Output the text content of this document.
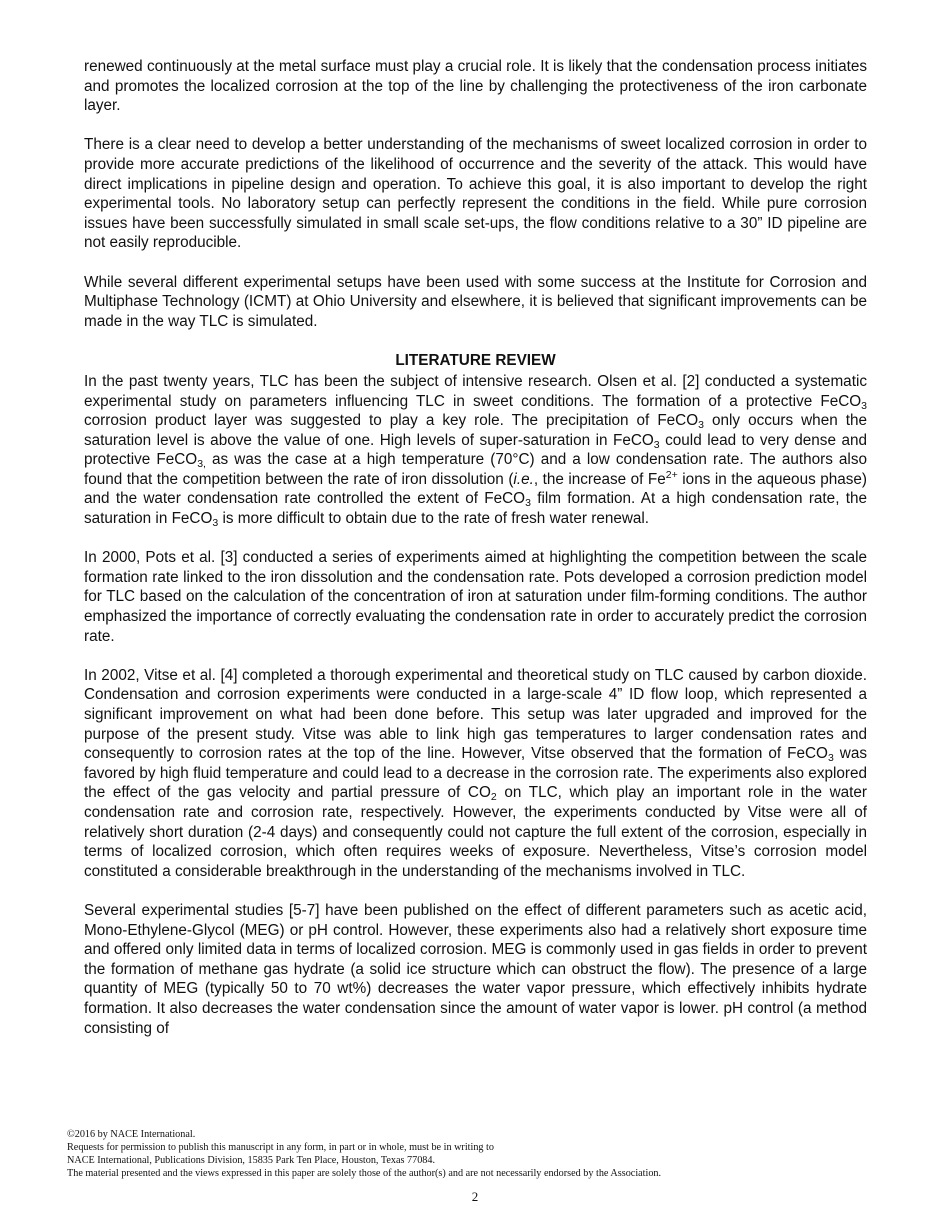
renewed continuously at the metal surface must play a crucial role. It is likely that the condensation process initiates and promotes the localized corrosion at the top of the line by challenging the protectiveness of the iron carbonate layer.

There is a clear need to develop a better understanding of the mechanisms of sweet localized corrosion in order to provide more accurate predictions of the likelihood of occurrence and the severity of the attack. This would have direct implications in pipeline design and operation. To achieve this goal, it is also important to develop the right experimental tools. No laboratory setup can perfectly represent the conditions in the field. While pure corrosion issues have been successfully simulated in small scale set-ups, the flow conditions relative to a 30” ID pipeline are not easily reproducible.

While several different experimental setups have been used with some success at the Institute for Corrosion and Multiphase Technology (ICMT) at Ohio University and elsewhere, it is believed that significant improvements can be made in the way TLC is simulated.

LITERATURE REVIEW

In the past twenty years, TLC has been the subject of intensive research. Olsen et al. [2] conducted a systematic experimental study on parameters influencing TLC in sweet conditions. The formation of a protective FeCO$_3$ corrosion product layer was suggested to play a key role. The precipitation of FeCO$_3$ only occurs when the saturation level is above the value of one. High levels of super-saturation in FeCO$_3$ could lead to very dense and protective FeCO$_{3,}$ as was the case at a high temperature (70°C) and a low condensation rate. The authors also found that the competition between the rate of iron dissolution (i.e., the increase of $Fe^{2+}$ ions in the aqueous phase) and the water condensation rate controlled the extent of FeCO$_3$ film formation. At a high condensation rate, the saturation in FeCO$_3$ is more difficult to obtain due to the rate of fresh water renewal.

In 2000, Pots et al. [3] conducted a series of experiments aimed at highlighting the competition between the scale formation rate linked to the iron dissolution and the condensation rate. Pots developed a corrosion prediction model for TLC based on the calculation of the concentration of iron at saturation under film-forming conditions. The author emphasized the importance of correctly evaluating the condensation rate in order to accurately predict the corrosion rate.

In 2002, Vitse et al. [4] completed a thorough experimental and theoretical study on TLC caused by carbon dioxide. Condensation and corrosion experiments were conducted in a large-scale 4” ID flow loop, which represented a significant improvement on what had been done before. This setup was later upgraded and improved for the purpose of the present study. Vitse was able to link high gas temperatures to larger condensation rates and consequently to corrosion rates at the top of the line. However, Vitse observed that the formation of FeCO$_3$ was favored by high fluid temperature and could lead to a decrease in the corrosion rate. The experiments also explored the effect of the gas velocity and partial pressure of $CO_2$ on TLC, which play an important role in the water condensation rate and corrosion rate, respectively. However, the experiments conducted by Vitse were all of relatively short duration (2-4 days) and consequently could not capture the full extent of the corrosion, especially in terms of localized corrosion, which often requires weeks of exposure. Nevertheless, Vitse’s corrosion model constituted a considerable breakthrough in the understanding of the mechanisms involved in TLC.

Several experimental studies [5-7] have been published on the effect of different parameters such as acetic acid, Mono-Ethylene-Glycol (MEG) or pH control. However, these experiments also had a relatively short exposure time and offered only limited data in terms of localized corrosion. MEG is commonly used in gas fields in order to prevent the formation of methane gas hydrate (a solid ice structure which can obstruct the flow). The presence of a large quantity of MEG (typically 50 to 70 wt%) decreases the water vapor pressure, which effectively inhibits hydrate formation. It also decreases the water condensation since the amount of water vapor is lower. pH control (a method consisting of

©2016 by NACE International.
Requests for permission to publish this manuscript in any form, in part or in whole, must be in writing to
NACE International, Publications Division, 15835 Park Ten Place, Houston, Texas 77084.
The material presented and the views expressed in this paper are solely those of the author(s) and are not necessarily endorsed by the Association.
2
